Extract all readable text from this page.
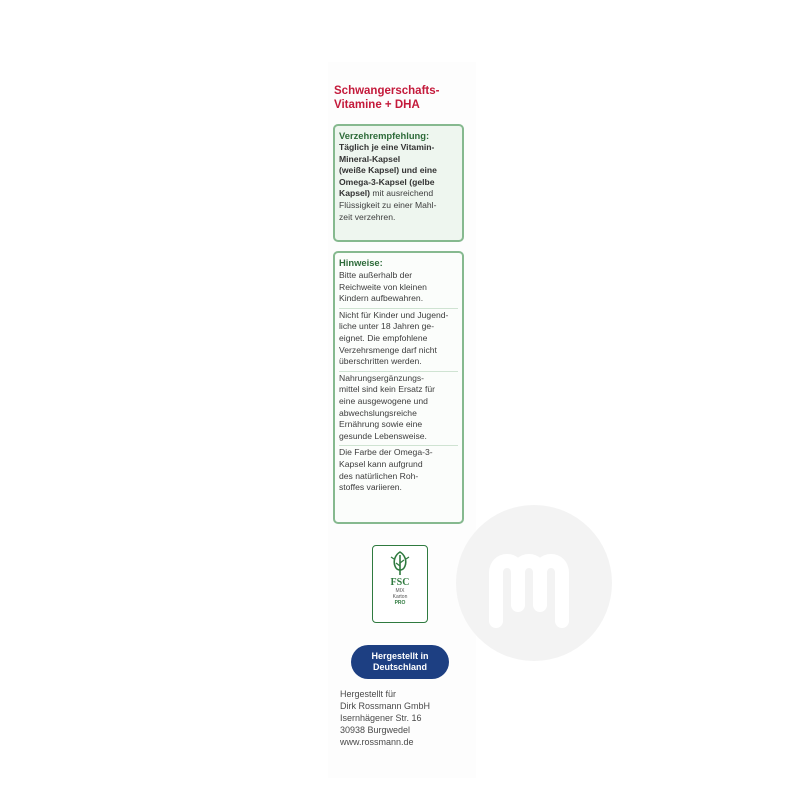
Schwangerschafts-
Vitamine + DHA
Verzehrempfehlung:
Täglich je eine Vitamin-
Mineral-Kapsel
(weiße Kapsel) und eine
Omega-3-Kapsel (gelbe
Kapsel) mit ausreichend
Flüssigkeit zu einer Mahl-
zeit verzehren.
Hinweise:

Bitte außerhalb der
Reichweite von kleinen
Kindern aufbewahren.

Nicht für Kinder und Jugend-
liche unter 18 Jahren ge-
eignet. Die empfohlene
Verzehrsmenge darf nicht
überschritten werden.

Nahrungsergänzungs-
mittel sind kein Ersatz für
eine ausgewogene und
abwechslungsreiche
Ernährung sowie eine
gesunde Lebensweise.

Die Farbe der Omega-3-
Kapsel kann aufgrund
des natürlichen Roh-
stoffes variieren.

FSC
MIX
Karton
PRO
Hergestellt in
Deutschland
Hergestellt für
Dirk Rossmann GmbH
Isernhägener Str. 16
30938 Burgwedel
www.rossmann.de
